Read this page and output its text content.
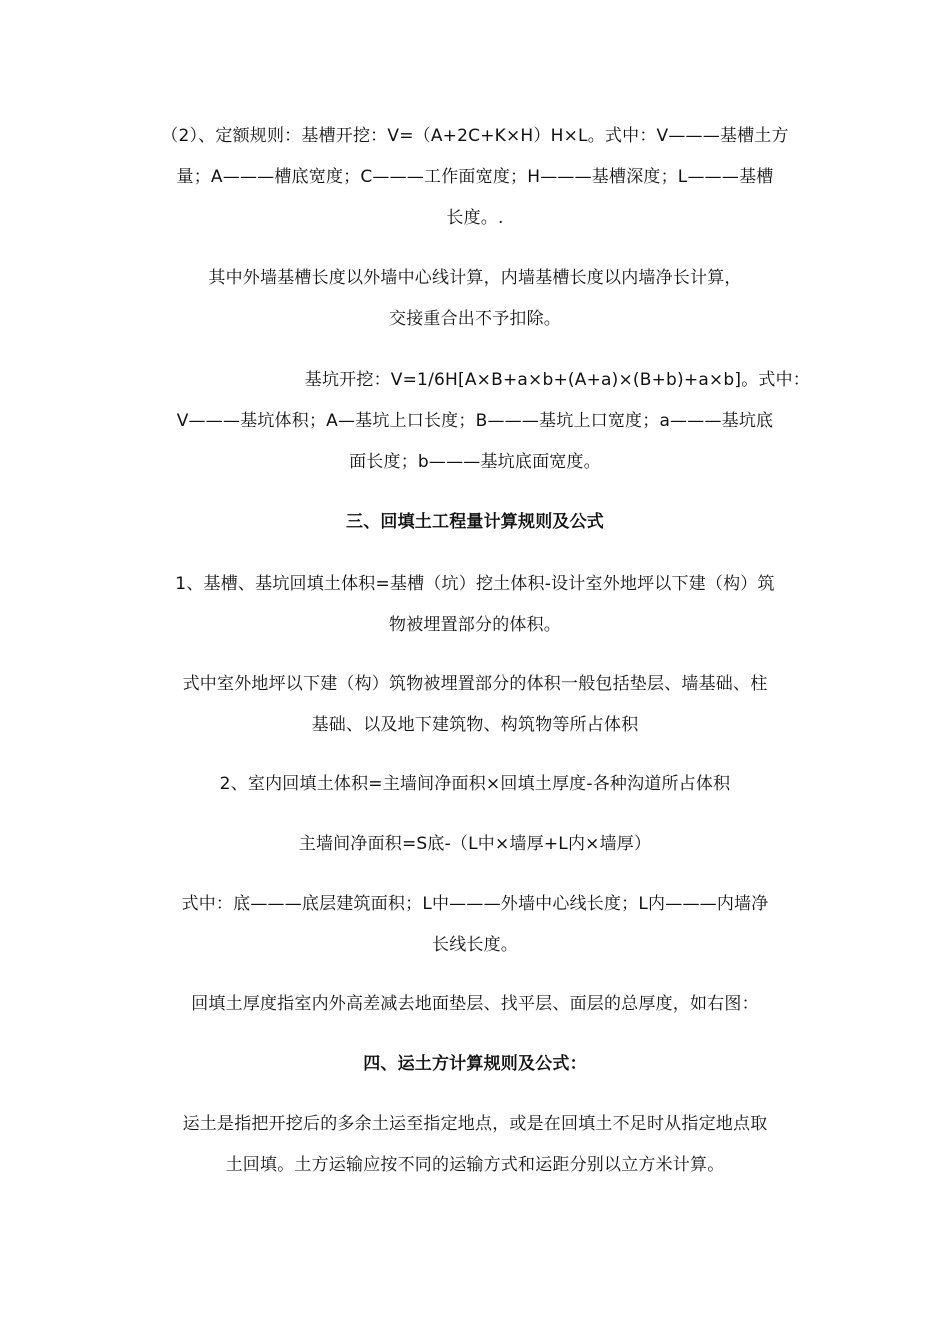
（2）、定额规则：基槽开挖：V=（A+2C+K×H）H×L。式中：V———基槽土方
量；A———槽底宽度；C———工作面宽度；H———基槽深度；L———基槽
长度。.
其中外墙基槽长度以外墙中心线计算，内墙基槽长度以内墙净长计算，
交接重合出不予扣除。
基坑开挖：V=1/6H[A×B+a×b+(A+a)×(B+b)+a×b]。式中：
V———基坑体积；A—基坑上口长度；B———基坑上口宽度；a———基坑底
面长度；b———基坑底面宽度。
三、回填土工程量计算规则及公式
1、基槽、基坑回填土体积=基槽（坑）挖土体积-设计室外地坪以下建（构）筑
物被埋置部分的体积。
式中室外地坪以下建（构）筑物被埋置部分的体积一般包括垫层、墙基础、柱
基础、以及地下建筑物、构筑物等所占体积
2、室内回填土体积=主墙间净面积×回填土厚度-各种沟道所占体积
主墙间净面积=S底-（L中×墙厚+L内×墙厚）
式中：底———底层建筑面积；L中———外墙中心线长度；L内———内墙净
长线长度。
回填土厚度指室内外高差减去地面垫层、找平层、面层的总厚度，如右图：
四、运土方计算规则及公式：
运土是指把开挖后的多余土运至指定地点，或是在回填土不足时从指定地点取
土回填。土方运输应按不同的运输方式和运距分别以立方米计算。
